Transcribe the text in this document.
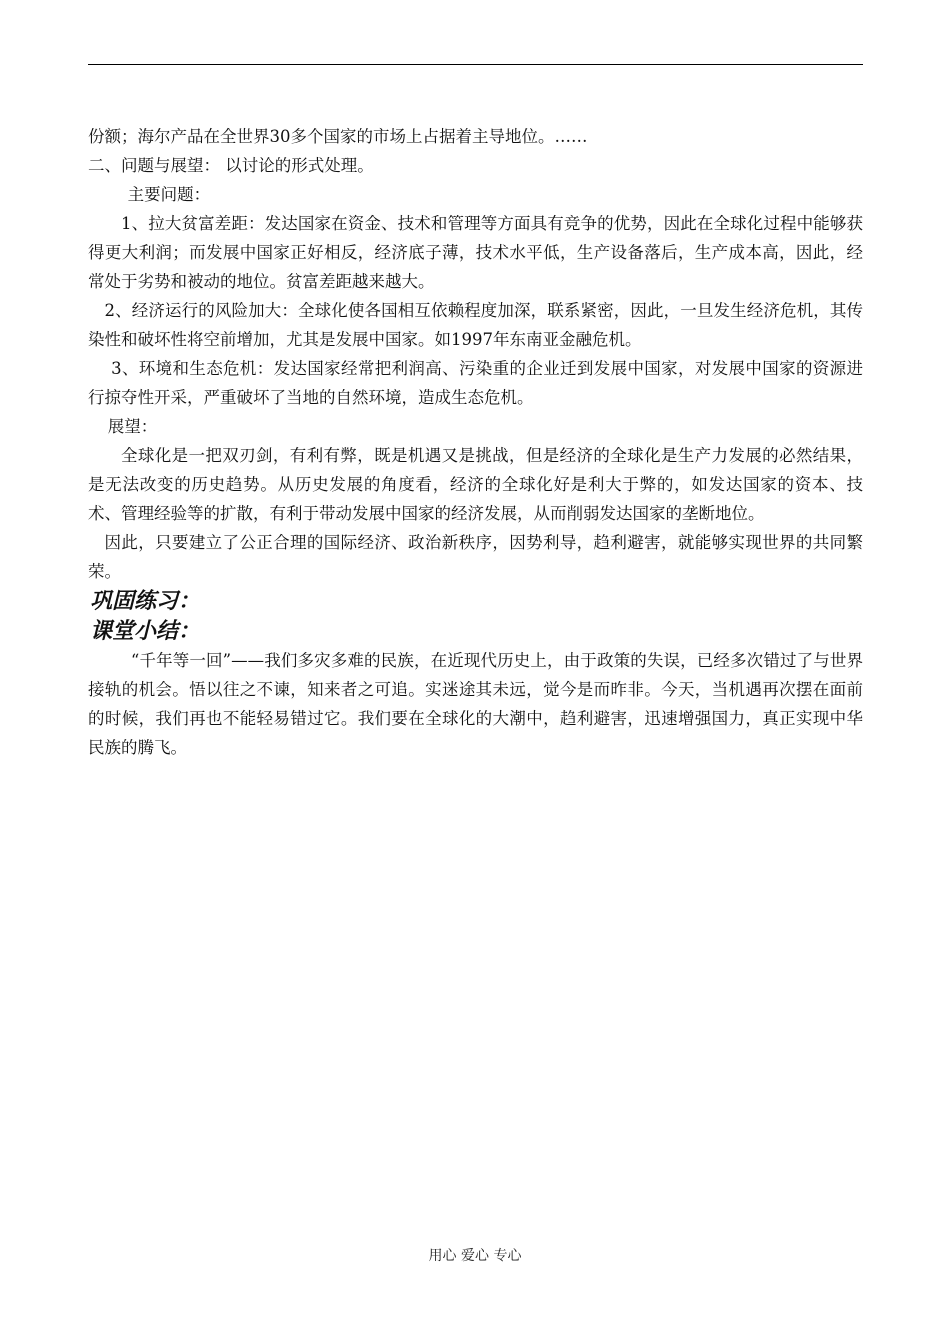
份额；海尔产品在全世界30多个国家的市场上占据着主导地位。……

二、问题与展望： 以讨论的形式处理。

主要问题：

1、拉大贫富差距：发达国家在资金、技术和管理等方面具有竞争的优势，因此在全球化过程中能够获得更大利润；而发展中国家正好相反，经济底子薄，技术水平低，生产设备落后，生产成本高，因此，经常处于劣势和被动的地位。贫富差距越来越大。

2、经济运行的风险加大：全球化使各国相互依赖程度加深，联系紧密，因此，一旦发生经济危机，其传染性和破坏性将空前增加，尤其是发展中国家。如1997年东南亚金融危机。

3、环境和生态危机：发达国家经常把利润高、污染重的企业迁到发展中国家，对发展中国家的资源进行掠夺性开采，严重破坏了当地的自然环境，造成生态危机。

展望：

全球化是一把双刃剑，有利有弊，既是机遇又是挑战，但是经济的全球化是生产力发展的必然结果，是无法改变的历史趋势。从历史发展的角度看，经济的全球化好是利大于弊的，如发达国家的资本、技术、管理经验等的扩散，有利于带动发展中国家的经济发展，从而削弱发达国家的垄断地位。

因此，只要建立了公正合理的国际经济、政治新秩序，因势利导，趋利避害，就能够实现世界的共同繁荣。

巩固练习：
课堂小结：

“千年等一回”——我们多灾多难的民族，在近现代历史上，由于政策的失误，已经多次错过了与世界接轨的机会。悟以往之不谏，知来者之可追。实迷途其未远，觉今是而昨非。今天，当机遇再次摆在面前的时候，我们再也不能轻易错过它。我们要在全球化的大潮中，趋利避害，迅速增强国力，真正实现中华民族的腾飞。

用心 爱心 专心
